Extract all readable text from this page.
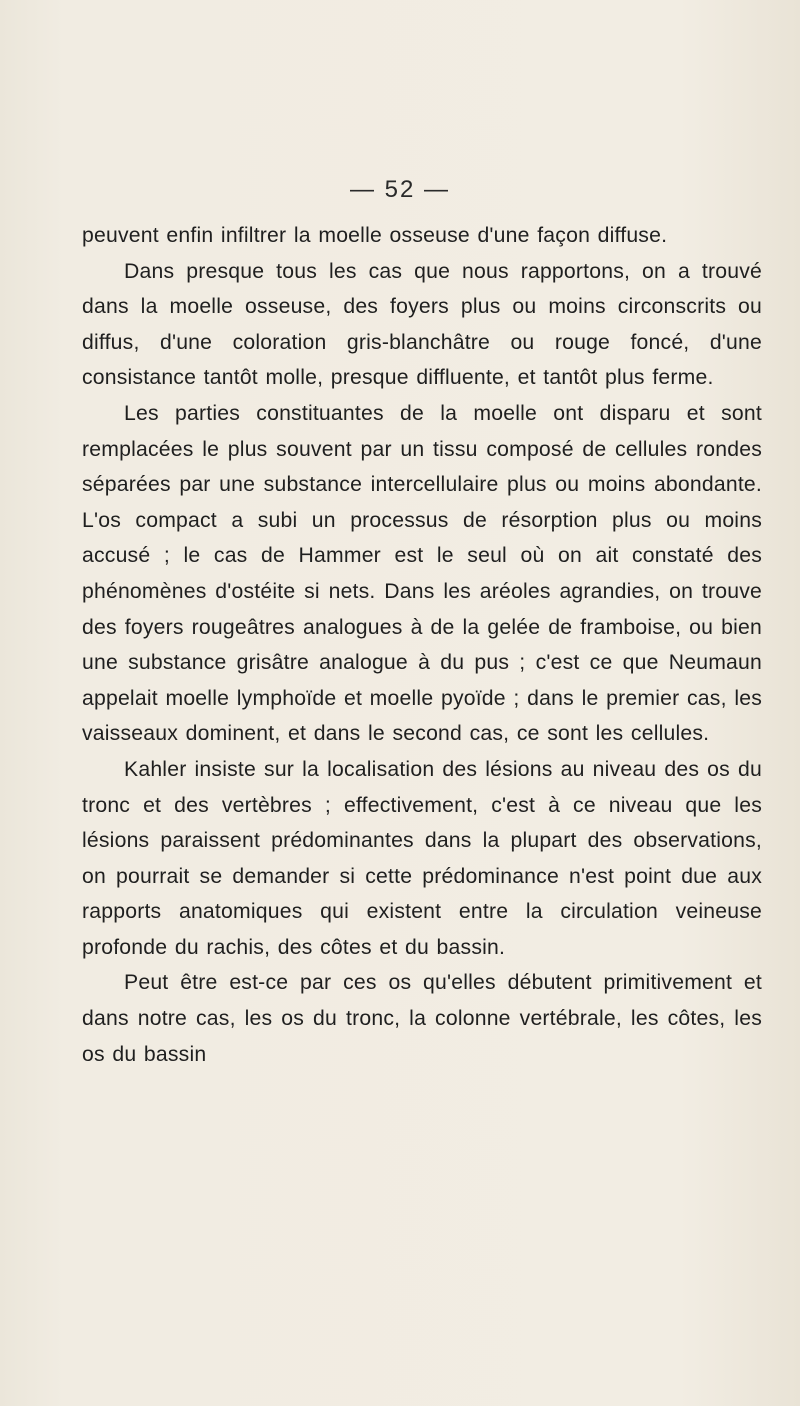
— 52 —

peuvent enfin infiltrer la moelle osseuse d'une façon diffuse.

Dans presque tous les cas que nous rapportons, on a trouvé dans la moelle osseuse, des foyers plus ou moins circonscrits ou diffus, d'une coloration gris-blanchâtre ou rouge foncé, d'une consistance tantôt molle, presque diffluente, et tantôt plus ferme.

Les parties constituantes de la moelle ont disparu et sont remplacées le plus souvent par un tissu composé de cellules rondes séparées par une substance intercellulaire plus ou moins abondante. L'os compact a subi un processus de résorption plus ou moins accusé ; le cas de Hammer est le seul où on ait constaté des phénomènes d'ostéite si nets. Dans les aréoles agrandies, on trouve des foyers rougeâtres analogues à de la gelée de framboise, ou bien une substance grisâtre analogue à du pus ; c'est ce que Neumaun appelait moelle lymphoïde et moelle pyoïde ; dans le premier cas, les vaisseaux dominent, et dans le second cas, ce sont les cellules.

Kahler insiste sur la localisation des lésions au niveau des os du tronc et des vertèbres ; effectivement, c'est à ce niveau que les lésions paraissent prédominantes dans la plupart des observations, on pourrait se demander si cette prédominance n'est point due aux rapports anatomiques qui existent entre la circulation veineuse profonde du rachis, des côtes et du bassin.

Peut être est-ce par ces os qu'elles débutent primitivement et dans notre cas, les os du tronc, la colonne vertébrale, les côtes, les os du bassin
